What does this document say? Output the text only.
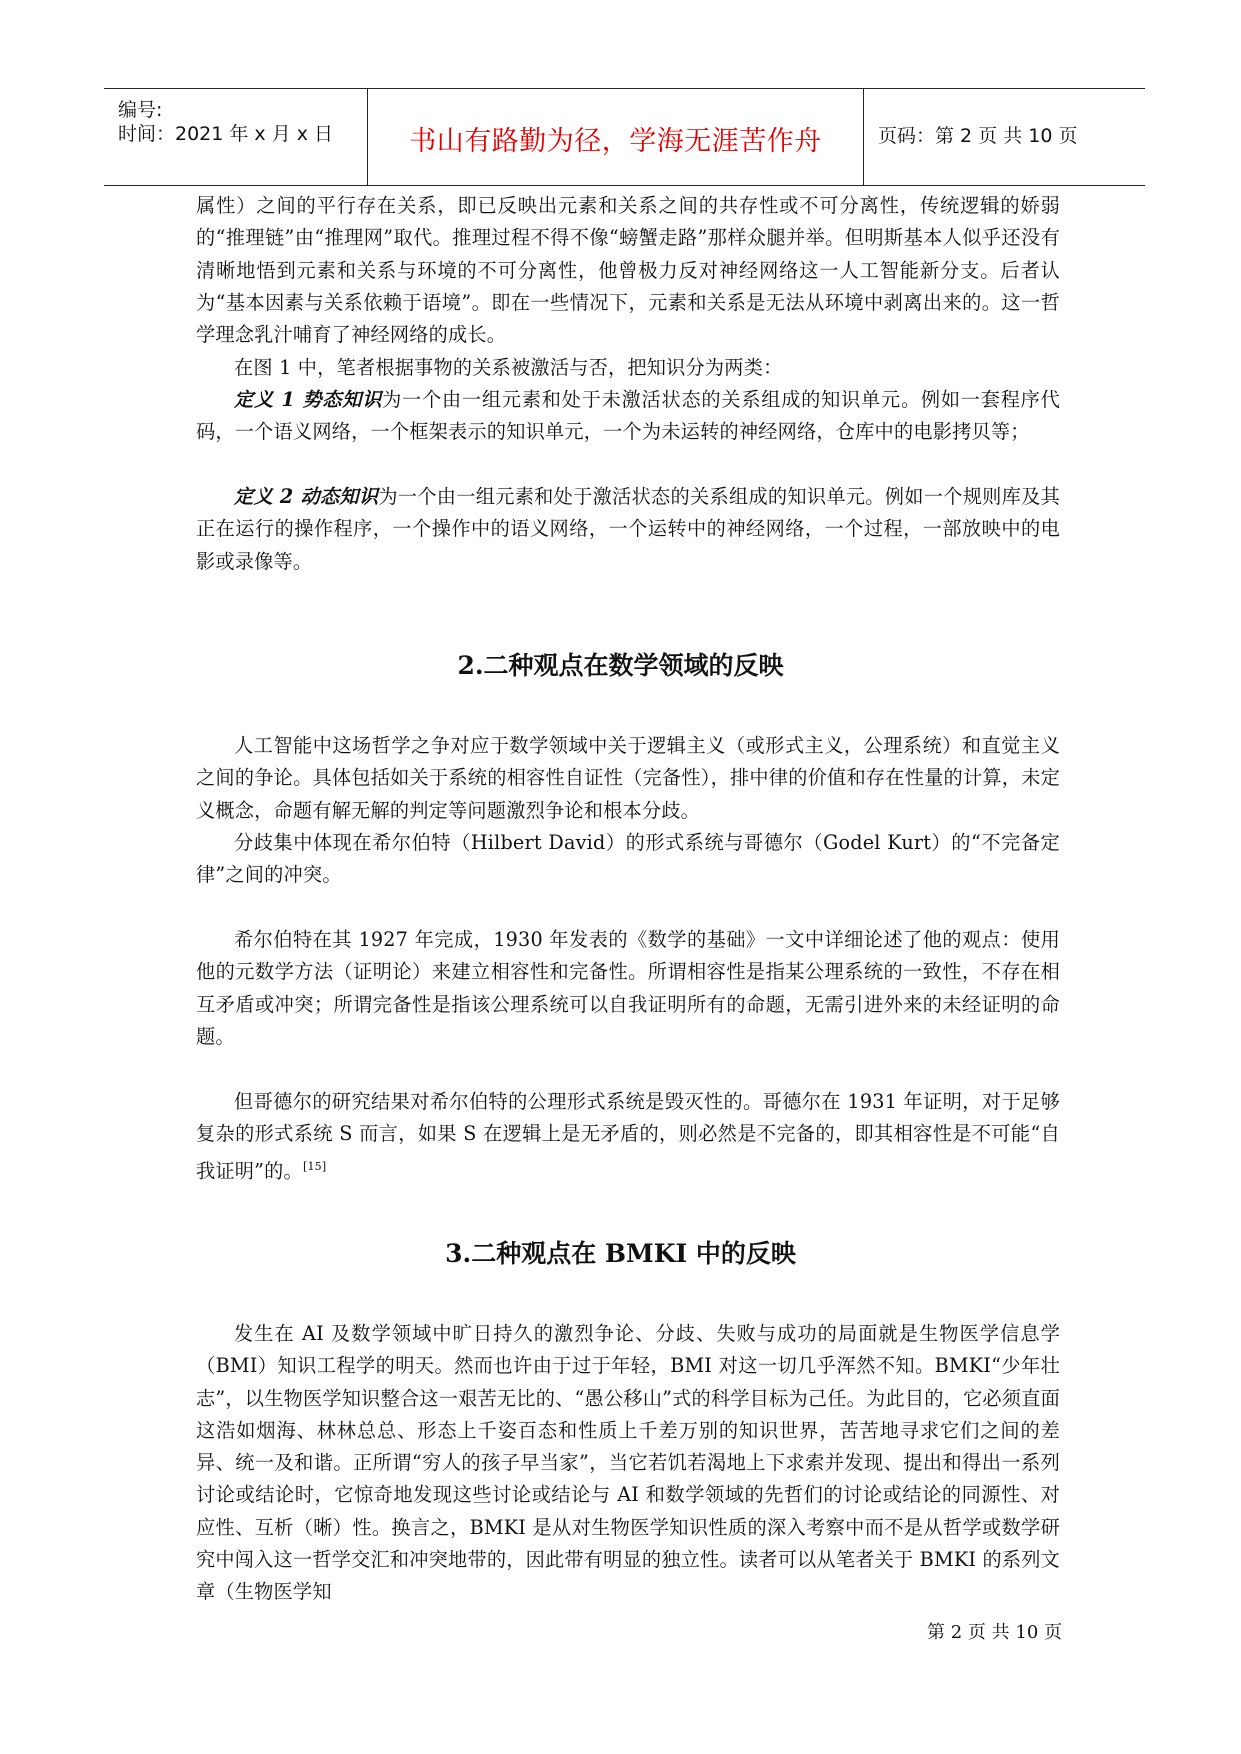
编号:
时间：2021 年 x 月 x 日	书山有路勤为径，学海无涯苦作舟	页码：第 2 页 共 10 页
属性）之间的平行存在关系，即已反映出元素和关系之间的共存性或不可分离性，传统逻辑的娇弱的“推理链”由“推理网”取代。推理过程不得不像“螃蟹走路”那样众腿并举。但明斯基本人似乎还没有清晰地悟到元素和关系与环境的不可分离性，他曾极力反对神经网络这一人工智能新分支。后者认为“基本因素与关系依赖于语境”。即在一些情况下，元素和关系是无法从环境中剥离出来的。这一哲学理念乳汁哺育了神经网络的成长。
在图 1 中，笔者根据事物的关系被激活与否，把知识分为两类：
定义 1 势态知识为一个由一组元素和处于未激活状态的关系组成的知识单元。例如一套程序代码，一个语义网络，一个框架表示的知识单元，一个为未运转的神经网络，仓库中的电影拷贝等；
定义 2 动态知识为一个由一组元素和处于激活状态的关系组成的知识单元。例如一个规则库及其正在运行的操作程序，一个操作中的语义网络，一个运转中的神经网络，一个过程，一部放映中的电影或录像等。
2.二种观点在数学领域的反映
人工智能中这场哲学之争对应于数学领域中关于逻辑主义（或形式主义，公理系统）和直觉主义之间的争论。具体包括如关于系统的相容性自证性（完备性），排中律的价值和存在性量的计算，未定义概念，命题有解无解的判定等问题激烈争论和根本分歧。
分歧集中体现在希尔伯特（Hilbert David）的形式系统与哥德尔（Godel Kurt）的“不完备定律”之间的冲突。
希尔伯特在其 1927 年完成，1930 年发表的《数学的基础》一文中详细论述了他的观点：使用他的元数学方法（证明论）来建立相容性和完备性。所谓相容性是指某公理系统的一致性，不存在相互矛盾或冲突；所谓完备性是指该公理系统可以自我证明所有的命题，无需引进外来的未经证明的命题。
但哥德尔的研究结果对希尔伯特的公理形式系统是毁灭性的。哥德尔在 1931 年证明，对于足够复杂的形式系统 S 而言，如果 S 在逻辑上是无矛盾的，则必然是不完备的，即其相容性是不可能“自我证明”的。[15]
3.二种观点在 BMKI 中的反映
发生在 AI 及数学领域中旷日持久的激烈争论、分歧、失败与成功的局面就是生物医学信息学（BMI）知识工程学的明天。然而也许由于过于年轻，BMI 对这一切几乎浑然不知。BMKI“少年壮志”，以生物医学知识整合这一艰苦无比的、“愚公移山”式的科学目标为己任。为此目的，它必须直面这浩如烟海、林林总总、形态上千姿百态和性质上千差万别的知识世界，苦苦地寻求它们之间的差异、统一及和谐。正所谓“穷人的孩子早当家”，当它若饥若渴地上下求索并发现、提出和得出一系列讨论或结论时，它惊奇地发现这些讨论或结论与 AI 和数学领域的先哲们的讨论或结论的同源性、对应性、互析（晰）性。换言之，BMKI 是从对生物医学知识性质的深入考察中而不是从哲学或数学研究中闯入这一哲学交汇和冲突地带的，因此带有明显的独立性。读者可以从笔者关于 BMKI 的系列文章（生物医学知
第 2 页 共 10 页
